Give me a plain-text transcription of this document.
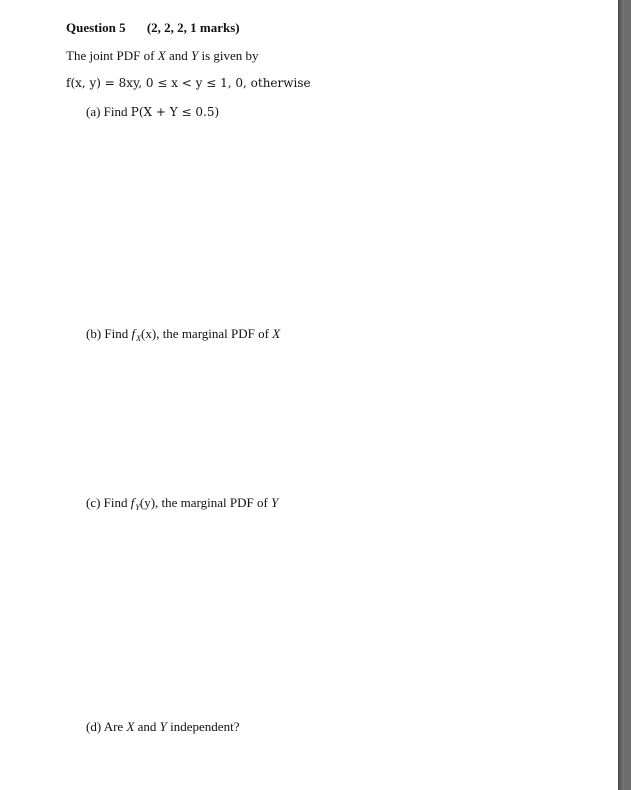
Question 5 (2, 2, 2, 1 marks)
The joint PDF of X and Y is given by
f(x, y) = 8xy, 0 ≤ x < y ≤ 1, 0, otherwise
(a) Find P(X + Y ≤ 0.5)
(b) Find $f_X(x)$, the marginal PDF of X
(c) Find $f_Y(y)$, the marginal PDF of Y
(d) Are X and Y independent?
